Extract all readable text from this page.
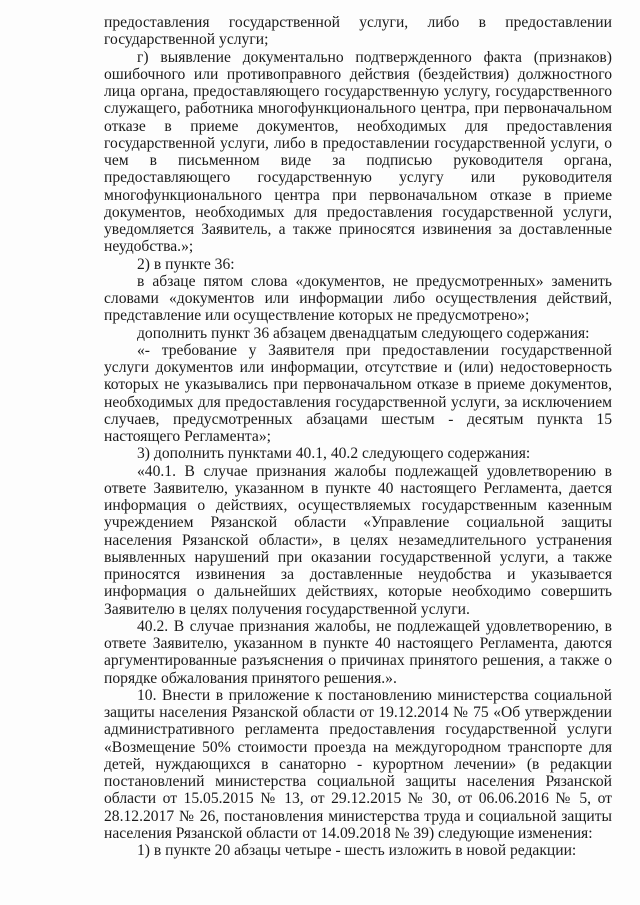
предоставления государственной услуги, либо в предоставлении государственной услуги;

г) выявление документально подтвержденного факта (признаков) ошибочного или противоправного действия (бездействия) должностного лица органа, предоставляющего государственную услугу, государственного служащего, работника многофункционального центра, при первоначальном отказе в приеме документов, необходимых для предоставления государственной услуги, либо в предоставлении государственной услуги, о чем в письменном виде за подписью руководителя органа, предоставляющего государственную услугу или руководителя многофункционального центра при первоначальном отказе в приеме документов, необходимых для предоставления государственной услуги, уведомляется Заявитель, а также приносятся извинения за доставленные неудобства.»;

2) в пункте 36:

в абзаце пятом слова «документов, не предусмотренных» заменить словами «документов или информации либо осуществления действий, представление или осуществление которых не предусмотрено»;

дополнить пункт 36 абзацем двенадцатым следующего содержания:

«- требование у Заявителя при предоставлении государственной услуги документов или информации, отсутствие и (или) недостоверность которых не указывались при первоначальном отказе в приеме документов, необходимых для предоставления государственной услуги, за исключением случаев, предусмотренных абзацами шестым - десятым пункта 15 настоящего Регламента»;

3) дополнить пунктами 40.1, 40.2 следующего содержания:

«40.1. В случае признания жалобы подлежащей удовлетворению в ответе Заявителю, указанном в пункте 40 настоящего Регламента, дается информация о действиях, осуществляемых государственным казенным учреждением Рязанской области «Управление социальной защиты населения Рязанской области», в целях незамедлительного устранения выявленных нарушений при оказании государственной услуги, а также приносятся извинения за доставленные неудобства и указывается информация о дальнейших действиях, которые необходимо совершить Заявителю в целях получения государственной услуги.

40.2. В случае признания жалобы, не подлежащей удовлетворению, в ответе Заявителю, указанном в пункте 40 настоящего Регламента, даются аргументированные разъяснения о причинах принятого решения, а также о порядке обжалования принятого решения.».

10. Внести в приложение к постановлению министерства социальной защиты населения Рязанской области от 19.12.2014 № 75 «Об утверждении административного регламента предоставления государственной услуги «Возмещение 50% стоимости проезда на междугородном транспорте для детей, нуждающихся в санаторно - курортном лечении» (в редакции постановлений министерства социальной защиты населения Рязанской области от 15.05.2015 № 13, от 29.12.2015 № 30, от 06.06.2016 № 5, от 28.12.2017 № 26, постановления министерства труда и социальной защиты населения Рязанской области от 14.09.2018 № 39) следующие изменения:

1) в пункте 20 абзацы четыре - шесть изложить в новой редакции:
